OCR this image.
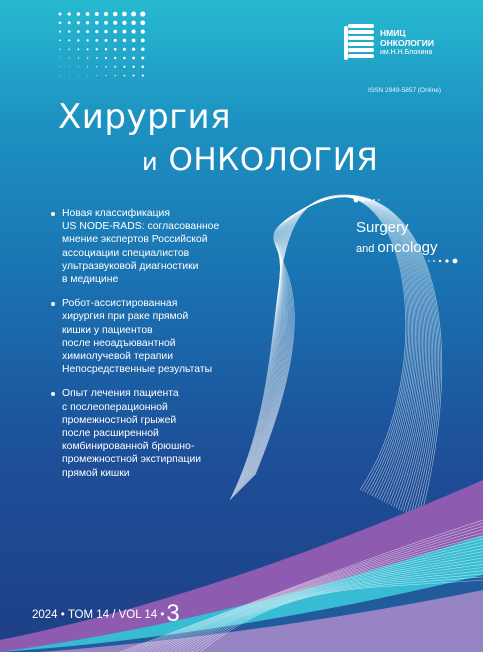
НМИЦ
ОНКОЛОГИИ
им.Н.Н.Блохина
ISSN 2949-5857 (Online)
Хирургия
и ОНКОЛОГИЯ
Surgery
and oncology
Новая классификация
US NODE-RADS: согласованное
мнение экспертов Российской
ассоциации специалистов
ультразвуковой диагностики
в медицине
Робот-ассистированная
хирургия при раке прямой
кишки у пациентов
после неоадъювантной
химиолучевой терапии
Непосредственные результаты
Опыт лечения пациента
с послеоперационной
промежностной грыжей
после расширенной
комбинированной брюшно-
промежностной экстирпации
прямой кишки
2024 • ТОМ 14 / VOL 14 •3
